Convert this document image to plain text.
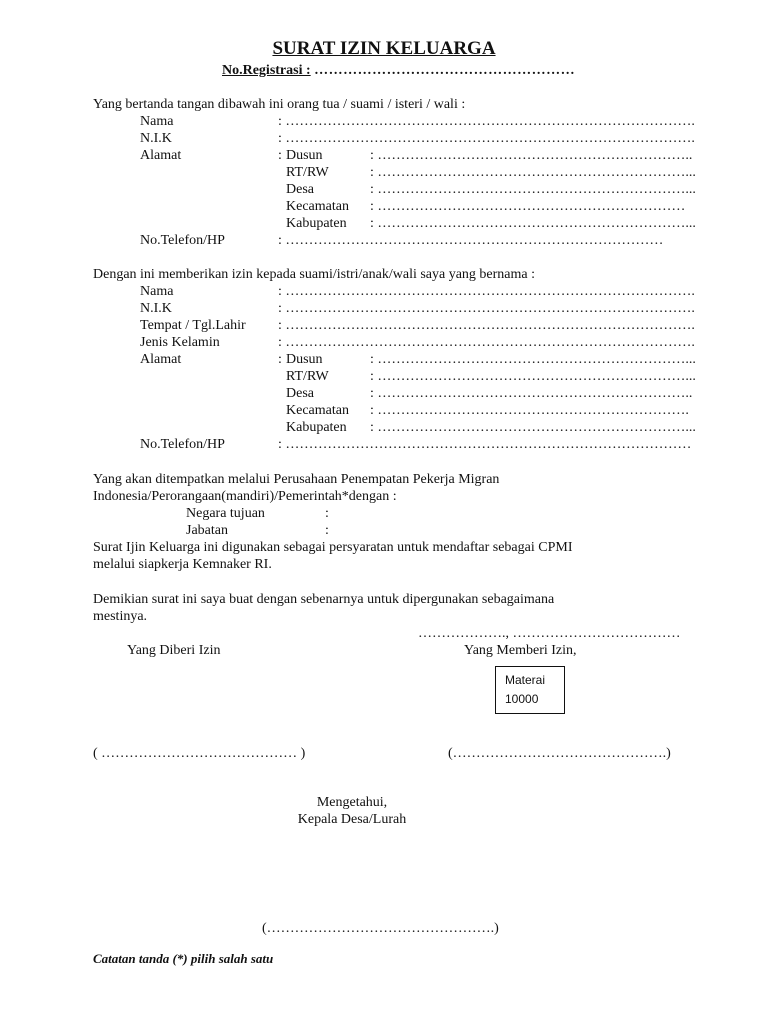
SURAT IZIN KELUARGA
No.Registrasi : ………………………………………………
Yang bertanda tangan dibawah ini orang tua / suami / isteri / wali :
Nama	: …………………………………………………………………………….
N.I.K	: …………………………………………………………………………….
Alamat	: Dusun	: …………………………………………………………..
RT/RW	: …………………………………………………………...
Desa	: …………………………………………………………...
Kecamatan : …………………………………………………………
Kabupaten : …………………………………………………………...
No.Telefon/HP	: ………………………………………………………………………
Dengan ini memberikan izin kepada suami/istri/anak/wali saya yang bernama :
Nama	: …………………………………………………………………………….
N.I.K	: …………………………………………………………………………….
Tempat / Tgl.Lahir : …………………………………………………………………………….
Jenis Kelamin	: …………………………………………………………………………….
Alamat	: Dusun	: …………………………………………………………...
RT/RW	: …………………………………………………………...
Desa	: …………………………………………………………..
Kecamatan : ………………………………………………………….
Kabupaten : …………………………………………………………...
No.Telefon/HP	: ……………………………………………………………………………
Yang akan ditempatkan melalui Perusahaan Penempatan Pekerja Migran
Indonesia/Perorangaan(mandiri)/Pemerintah*dengan :
Negara tujuan	:
Jabatan	:
Surat Ijin Keluarga ini digunakan sebagai persyaratan untuk mendaftar sebagai CPMI
melalui siapkerja Kemnaker RI.
Demikian surat ini saya buat dengan sebenarnya untuk dipergunakan sebagaimana
mestinya.
………………., ………………………………
Yang Diberi Izin	Yang Memberi Izin,
Materai
10000
( …………………………………… )	(……………………………………….)
Mengetahui,
Kepala Desa/Lurah
(………………………………………….)
Catatan tanda (*) pilih salah satu
